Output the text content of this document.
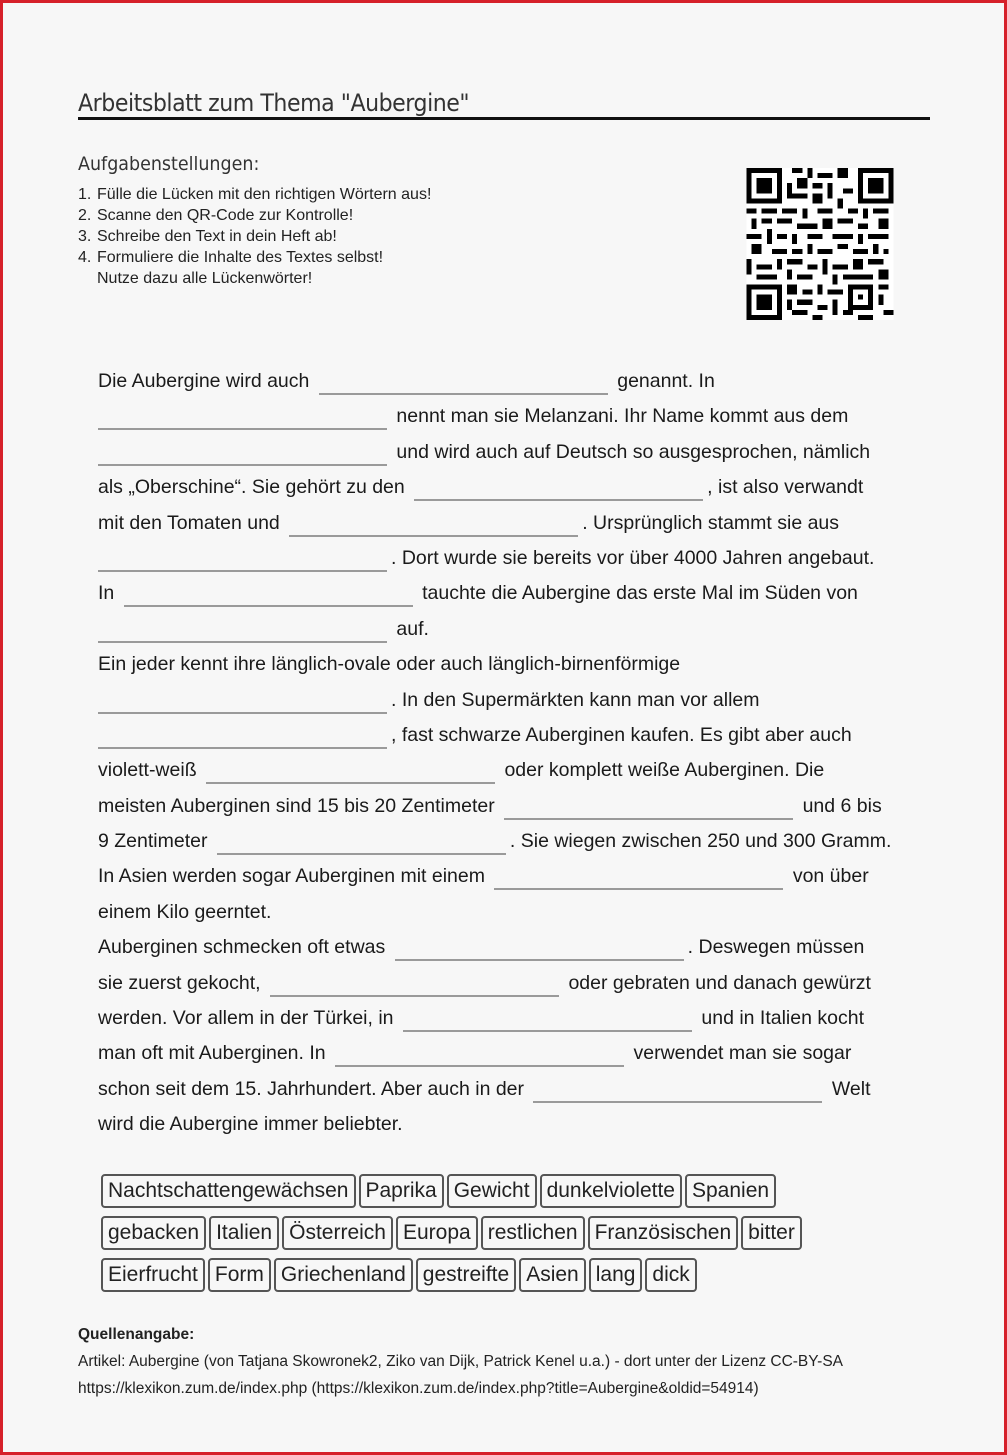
Arbeitsblatt zum Thema "Aubergine"
Aufgabenstellungen:
1. Fülle die Lücken mit den richtigen Wörtern aus!
2. Scanne den QR-Code zur Kontrolle!
3. Schreibe den Text in dein Heft ab!
4. Formuliere die Inhalte des Textes selbst!
Nutze dazu alle Lückenwörter!
Die Aubergine wird auch	genannt. In
nennt man sie Melanzani. Ihr Name kommt aus dem
und wird auch auf Deutsch so ausgesprochen, nämlich
als „Oberschine“. Sie gehört zu den	, ist also verwandt
mit den Tomaten und	. Ursprünglich stammt sie aus
. Dort wurde sie bereits vor über 4000 Jahren angebaut.
In	tauchte die Aubergine das erste Mal im Süden von
auf.
Ein jeder kennt ihre länglich-ovale oder auch länglich-birnenförmige
. In den Supermärkten kann man vor allem
, fast schwarze Auberginen kaufen. Es gibt aber auch
violett-weiß	oder komplett weiße Auberginen. Die
meisten Auberginen sind 15 bis 20 Zentimeter	und 6 bis
9 Zentimeter	. Sie wiegen zwischen 250 und 300 Gramm.
In Asien werden sogar Auberginen mit einem	von über
einem Kilo geerntet.
Auberginen schmecken oft etwas	. Deswegen müssen
sie zuerst gekocht,	oder gebraten und danach gewürzt
werden. Vor allem in der Türkei, in	und in Italien kocht
man oft mit Auberginen. In	verwendet man sie sogar
schon seit dem 15. Jahrhundert. Aber auch in der	Welt
wird die Aubergine immer beliebter.
Nachtschattengewächsen Paprika Gewicht dunkelviolette Spanien
gebacken Italien Österreich Europa restlichen Französischen bitter
Eierfrucht Form Griechenland gestreifte Asien lang dick
Quellenangabe:
Artikel: Aubergine (von Tatjana Skowronek2, Ziko van Dijk, Patrick Kenel u.a.) - dort unter der Lizenz CC-BY-SA
https://klexikon.zum.de/index.php (https://klexikon.zum.de/index.php?title=Aubergine&oldid=54914)
